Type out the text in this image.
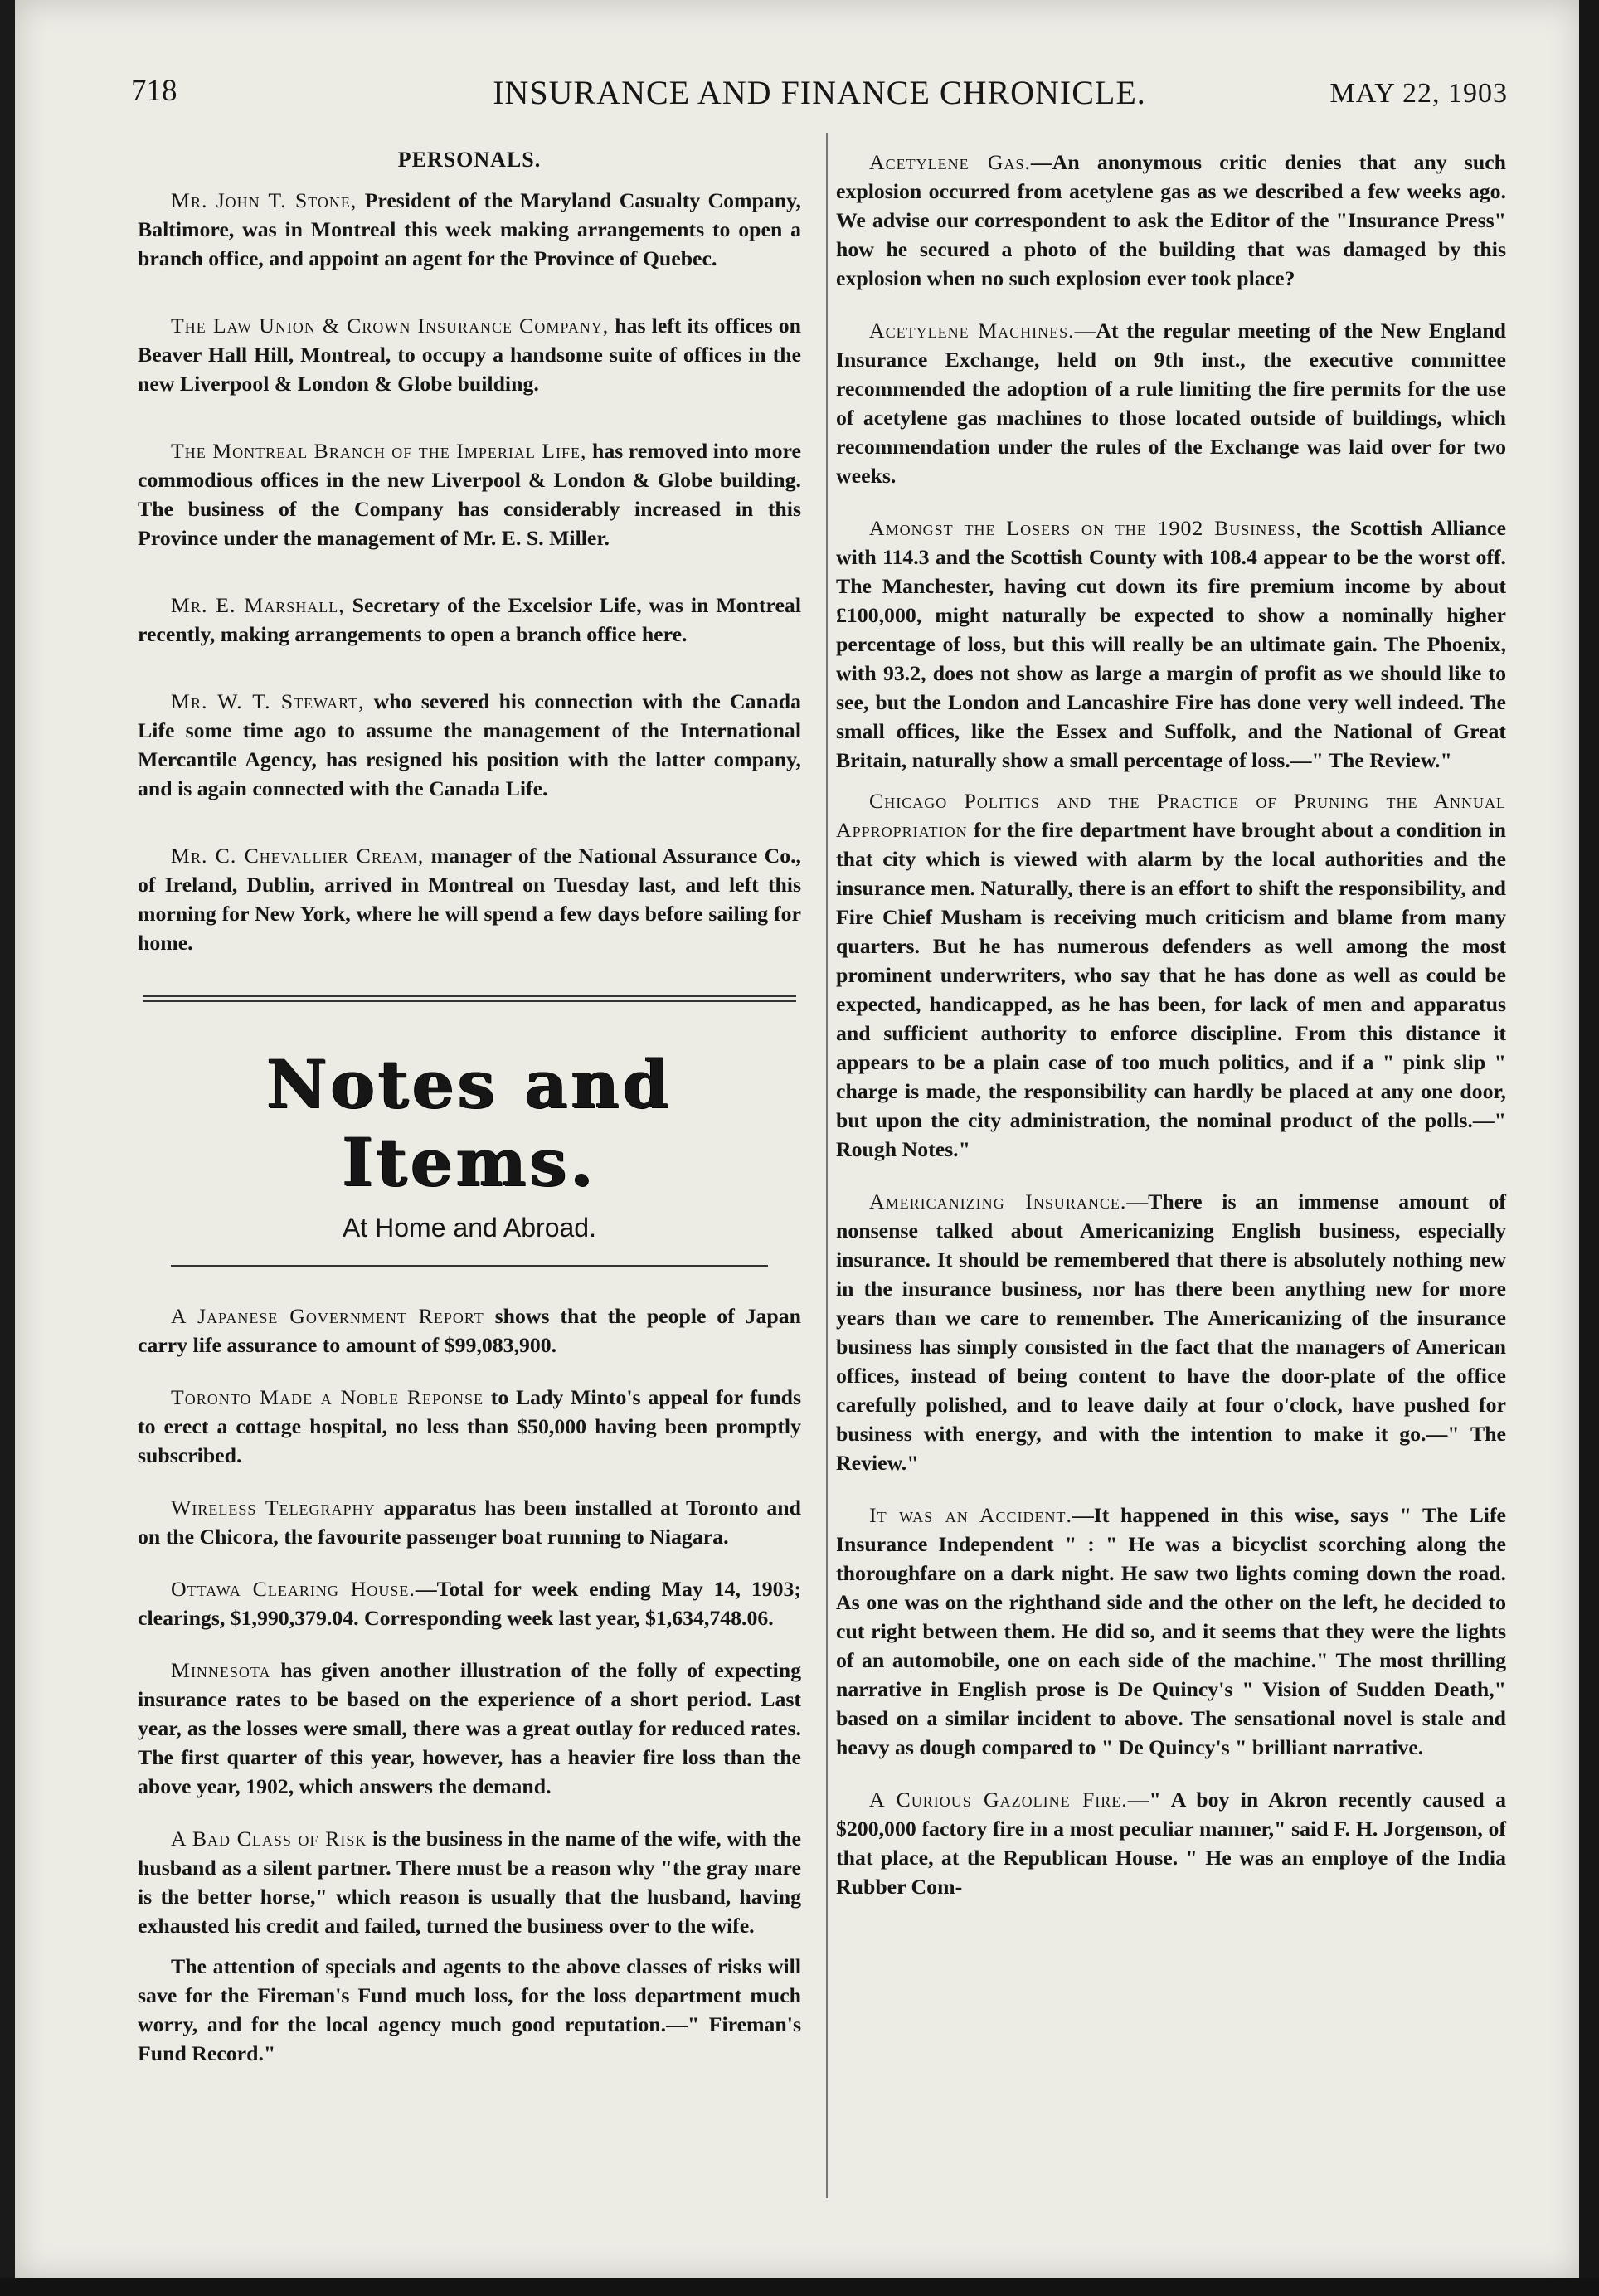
718	INSURANCE AND FINANCE CHRONICLE.	MAY 22, 1903
PERSONALS.

Mr. John T. Stone, President of the Maryland Casualty Company, Baltimore, was in Montreal this week making arrangements to open a branch office, and appoint an agent for the Province of Quebec.

The Law Union & Crown Insurance Company, has left its offices on Beaver Hall Hill, Montreal, to occupy a handsome suite of offices in the new Liverpool & London & Globe building.

The Montreal Branch of the Imperial Life, has removed into more commodious offices in the new Liverpool & London & Globe building. The business of the Company has considerably increased in this Province under the management of Mr. E. S. Miller.

Mr. E. Marshall, Secretary of the Excelsior Life, was in Montreal recently, making arrangements to open a branch office here.

Mr. W. T. Stewart, who severed his connection with the Canada Life some time ago to assume the management of the International Mercantile Agency, has resigned his position with the latter company, and is again connected with the Canada Life.

Mr. C. Chevallier Cream, manager of the National Assurance Co., of Ireland, Dublin, arrived in Montreal on Tuesday last, and left this morning for New York, where he will spend a few days before sailing for home.

Notes and Items.
At Home and Abroad.

A Japanese Government Report shows that the people of Japan carry life assurance to amount of $99,083,900.

Toronto Made a Noble Reponse to Lady Minto's appeal for funds to erect a cottage hospital, no less than $50,000 having been promptly subscribed.

Wireless Telegraphy apparatus has been installed at Toronto and on the Chicora, the favourite passenger boat running to Niagara.

Ottawa Clearing House.—Total for week ending May 14, 1903; clearings, $1,990,379.04. Corresponding week last year, $1,634,748.06.

Minnesota has given another illustration of the folly of expecting insurance rates to be based on the experience of a short period. Last year, as the losses were small, there was a great outlay for reduced rates. The first quarter of this year, however, has a heavier fire loss than the above year, 1902, which answers the demand.

A Bad Class of Risk is the business in the name of the wife, with the husband as a silent partner. There must be a reason why "the gray mare is the better horse," which reason is usually that the husband, having exhausted his credit and failed, turned the business over to the wife.

The attention of specials and agents to the above classes of risks will save for the Fireman's Fund much loss, for the loss department much worry, and for the local agency much good reputation.—" Fireman's Fund Record."

Acetylene Gas.—An anonymous critic denies that any such explosion occurred from acetylene gas as we described a few weeks ago. We advise our correspondent to ask the Editor of the "Insurance Press" how he secured a photo of the building that was damaged by this explosion when no such explosion ever took place?

Acetylene Machines.—At the regular meeting of the New England Insurance Exchange, held on 9th inst., the executive committee recommended the adoption of a rule limiting the fire permits for the use of acetylene gas machines to those located outside of buildings, which recommendation under the rules of the Exchange was laid over for two weeks.

Amongst the Losers on the 1902 Business, the Scottish Alliance with 114.3 and the Scottish County with 108.4 appear to be the worst off. The Manchester, having cut down its fire premium income by about £100,000, might naturally be expected to show a nominally higher percentage of loss, but this will really be an ultimate gain. The Phoenix, with 93.2, does not show as large a margin of profit as we should like to see, but the London and Lancashire Fire has done very well indeed. The small offices, like the Essex and Suffolk, and the National of Great Britain, naturally show a small percentage of loss.—" The Review."

Chicago Politics and the Practice of Pruning the Annual Appropriation for the fire department have brought about a condition in that city which is viewed with alarm by the local authorities and the insurance men. Naturally, there is an effort to shift the responsibility, and Fire Chief Musham is receiving much criticism and blame from many quarters. But he has numerous defenders as well among the most prominent underwriters, who say that he has done as well as could be expected, handicapped, as he has been, for lack of men and apparatus and sufficient authority to enforce discipline. From this distance it appears to be a plain case of too much politics, and if a " pink slip " charge is made, the responsibility can hardly be placed at any one door, but upon the city administration, the nominal product of the polls.—" Rough Notes."

Americanizing Insurance.—There is an immense amount of nonsense talked about Americanizing English business, especially insurance. It should be remembered that there is absolutely nothing new in the insurance business, nor has there been anything new for more years than we care to remember. The Americanizing of the insurance business has simply consisted in the fact that the managers of American offices, instead of being content to have the door-plate of the office carefully polished, and to leave daily at four o'clock, have pushed for business with energy, and with the intention to make it go.—" The Review."

It was an Accident.—It happened in this wise, says " The Life Insurance Independent " : " He was a bicyclist scorching along the thoroughfare on a dark night. He saw two lights coming down the road. As one was on the righthand side and the other on the left, he decided to cut right between them. He did so, and it seems that they were the lights of an automobile, one on each side of the machine." The most thrilling narrative in English prose is De Quincy's " Vision of Sudden Death," based on a similar incident to above. The sensational novel is stale and heavy as dough compared to " De Quincy's " brilliant narrative.

A Curious Gazoline Fire.—" A boy in Akron recently caused a $200,000 factory fire in a most peculiar manner," said F. H. Jorgenson, of that place, at the Republican House. " He was an employe of the India Rubber Com-
